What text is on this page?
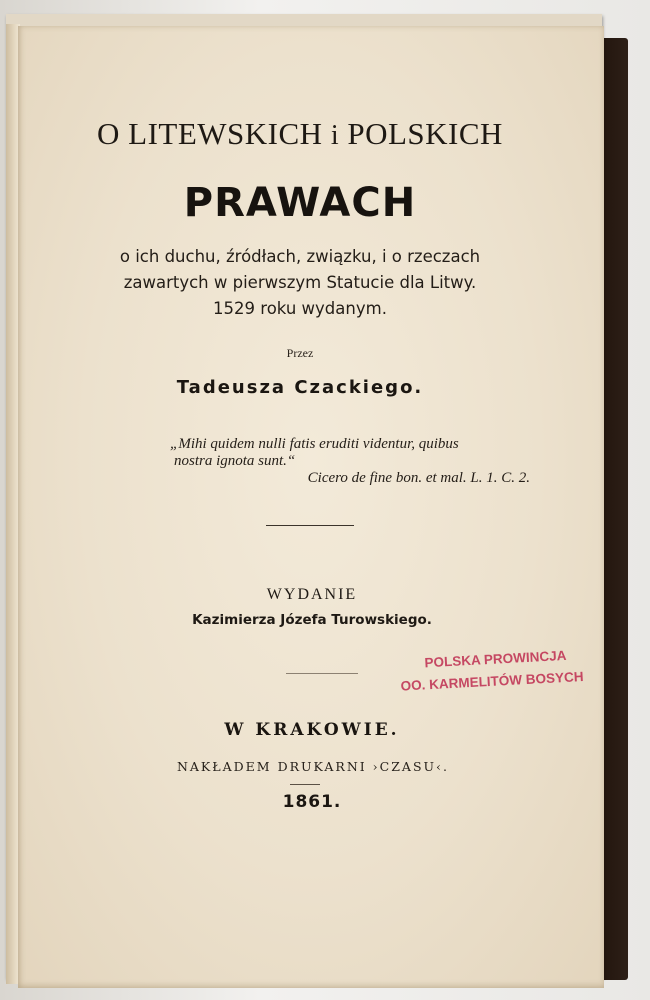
O LITEWSKICH i POLSKICH
PRAWACH
o ich duchu, źródłach, związku, i o rzeczach
zawartych w pierwszym Statucie dla Litwy.
1529 roku wydanym.
Przez
Tadeusza Czackiego.
„Mihi quidem nulli fatis eruditi videntur, quibus
nostra ignota sunt.“
Cicero de fine bon. et mal. L. 1. C. 2.
WYDANIE
Kazimierza Józefa Turowskiego.
POLSKA PROWINCJA
OO. KARMELITÓW BOSYCH
W KRAKOWIE.
NAKŁADEM DRUKARNI ›CZASU‹.
1861.
